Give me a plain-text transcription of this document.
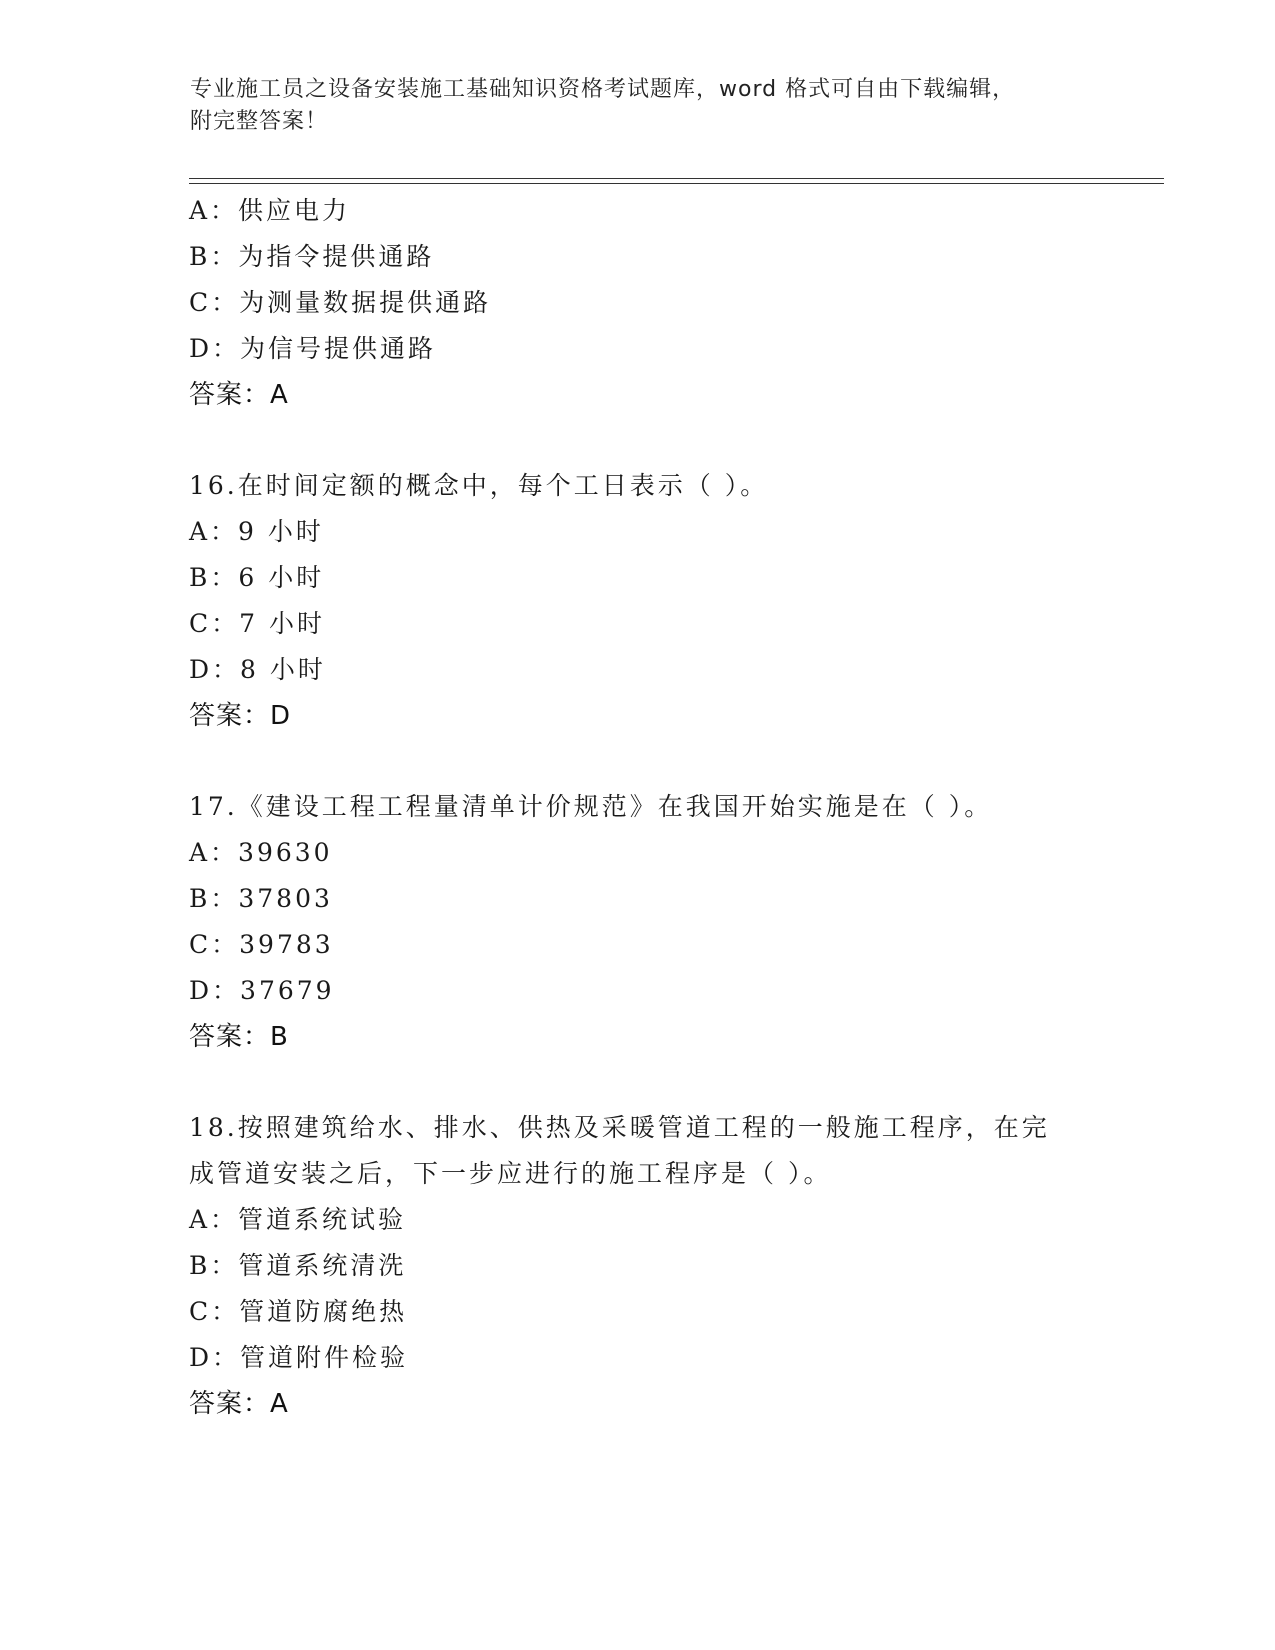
专业施工员之设备安装施工基础知识资格考试题库，word 格式可自由下载编辑，
附完整答案！
A：供应电力
B：为指令提供通路
C：为测量数据提供通路
D：为信号提供通路
答案：A
16.在时间定额的概念中，每个工日表示（ ）。
A：9 小时
B：6 小时
C：7 小时
D：8 小时
答案：D
17.《建设工程工程量清单计价规范》在我国开始实施是在（ ）。
A：39630
B：37803
C：39783
D：37679
答案：B
18.按照建筑给水、排水、供热及采暖管道工程的一般施工程序，在完
成管道安装之后，下一步应进行的施工程序是（ ）。
A：管道系统试验
B：管道系统清洗
C：管道防腐绝热
D：管道附件检验
答案：A
